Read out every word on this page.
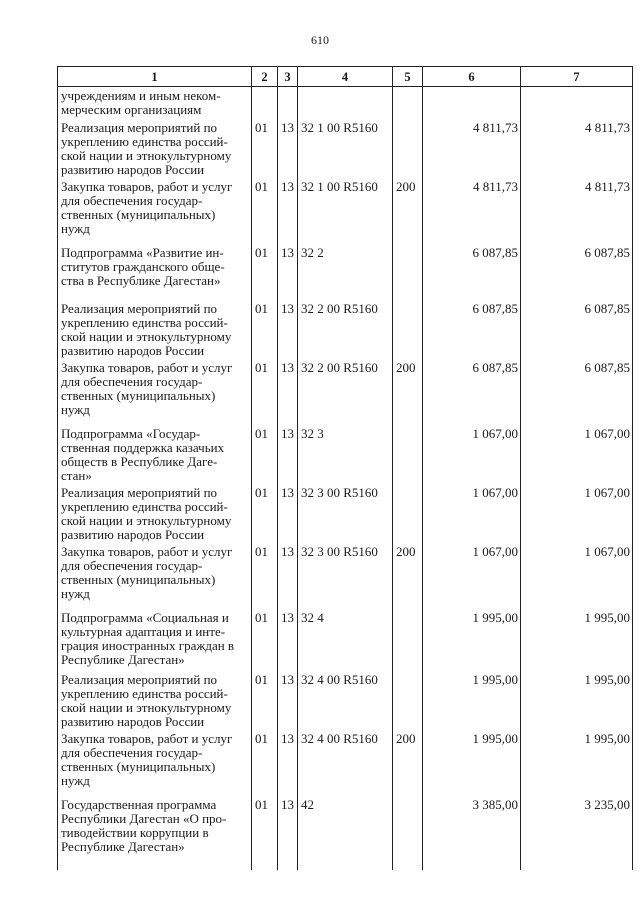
610
1	2	3	4	5	6	7
учреждениям и иным неком-
мерческим организациям						
Реализация мероприятий по
укреплению единства россий-
ской нации и этнокультурному
развитию народов России	01	13	32 1 00 R5160		4 811,73	4 811,73
Закупка товаров, работ и услуг
для обеспечения государ-
ственных (муниципальных)
нужд	01	13	32 1 00 R5160	200	4 811,73	4 811,73
Подпрограмма «Развитие ин-
ститутов гражданского обще-
ства в Республике Дагестан»	01	13	32 2		6 087,85	6 087,85
Реализация мероприятий по
укреплению единства россий-
ской нации и этнокультурному
развитию народов России	01	13	32 2 00 R5160		6 087,85	6 087,85
Закупка товаров, работ и услуг
для обеспечения государ-
ственных (муниципальных)
нужд	01	13	32 2 00 R5160	200	6 087,85	6 087,85
Подпрограмма «Государ-
ственная поддержка казачьих
обществ в Республике Даге-
стан»	01	13	32 3		1 067,00	1 067,00
Реализация мероприятий по
укреплению единства россий-
ской нации и этнокультурному
развитию народов России	01	13	32 3 00 R5160		1 067,00	1 067,00
Закупка товаров, работ и услуг
для обеспечения государ-
ственных (муниципальных)
нужд	01	13	32 3 00 R5160	200	1 067,00	1 067,00
Подпрограмма «Социальная и
культурная адаптация и инте-
грация иностранных граждан в
Республике Дагестан»	01	13	32 4		1 995,00	1 995,00
Реализация мероприятий по
укреплению единства россий-
ской нации и этнокультурному
развитию народов России	01	13	32 4 00 R5160		1 995,00	1 995,00
Закупка товаров, работ и услуг
для обеспечения государ-
ственных (муниципальных)
нужд	01	13	32 4 00 R5160	200	1 995,00	1 995,00
Государственная программа
Республики Дагестан «О про-
тиводействии коррупции в
Республике Дагестан»	01	13	42		3 385,00	3 235,00
